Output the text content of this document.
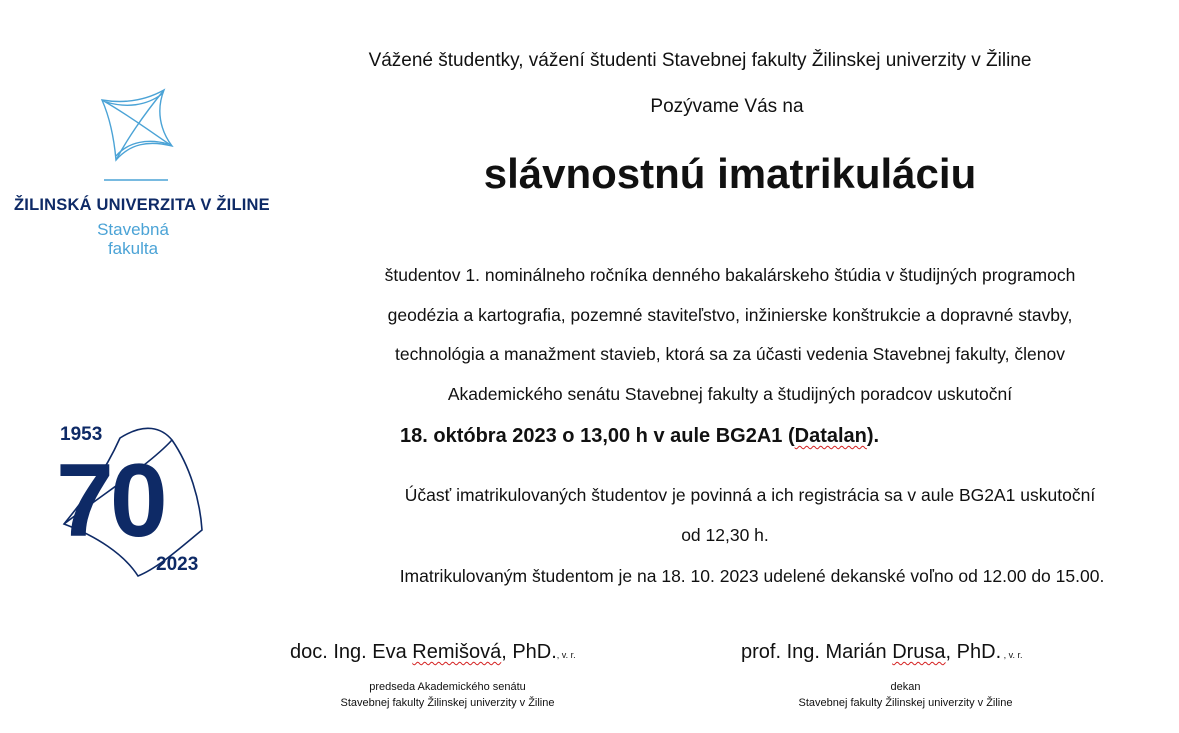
ŽILINSKÁ UNIVERZITA V ŽILINE
Stavebná
fakulta
1953
70
2023
Vážené študentky, vážení študenti Stavebnej fakulty Žilinskej univerzity v Žiline
Pozývame Vás na
slávnostnú imatrikuláciu
študentov 1. nominálneho ročníka denného bakalárskeho štúdia v študijných programoch
geodézia a kartografia, pozemné staviteľstvo, inžinierske konštrukcie a dopravné stavby,
technológia a manažment stavieb, ktorá sa za účasti vedenia Stavebnej fakulty, členov
Akademického senátu Stavebnej fakulty a študijných poradcov uskutoční
18. októbra 2023 o 13,00 h v aule BG2A1 (Datalan).
Účasť imatrikulovaných študentov je povinná a ich registrácia sa v aule BG2A1 uskutoční
od 12,30 h.
Imatrikulovaným študentom je na 18. 10. 2023 udelené dekanské voľno od 12.00 do 15.00.
doc. Ing. Eva Remišová, PhD., v. r.
predseda Akademického senátu
Stavebnej fakulty Žilinskej univerzity v Žiline
prof. Ing. Marián Drusa, PhD. , v. r.
dekan
Stavebnej fakulty Žilinskej univerzity v Žiline
